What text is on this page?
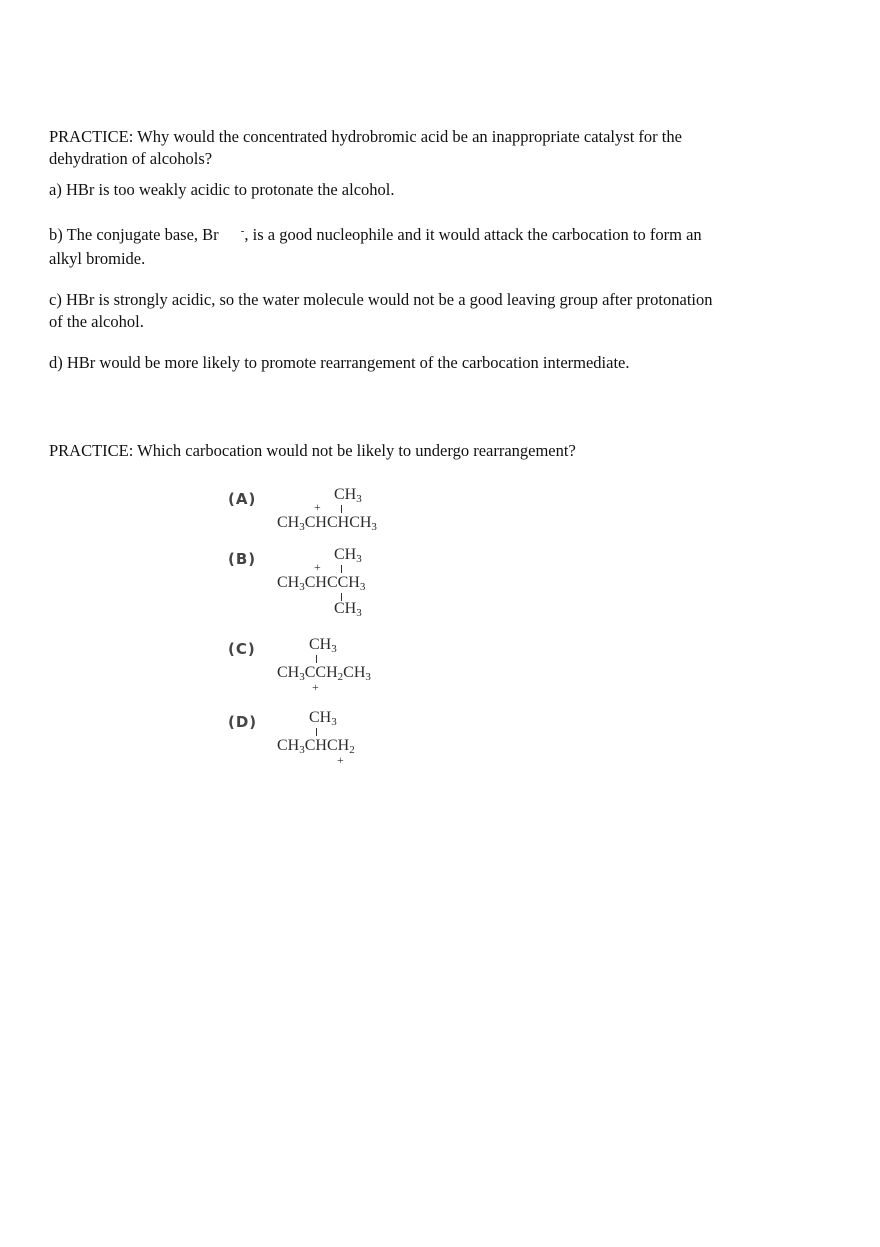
PRACTICE: Why would the concentrated hydrobromic acid be an inappropriate catalyst for the
dehydration of alcohols?
a) HBr is too weakly acidic to protonate the alcohol.
b) The conjugate base, Br -, is a good nucleophile and it would attack the carbocation to form an
alkyl bromide.
c) HBr is strongly acidic, so the water molecule would not be a good leaving group after protonation
of the alcohol.
d) HBr would be more likely to promote rearrangement of the carbocation intermediate.
PRACTICE: Which carbocation would not be likely to undergo rearrangement?
(A)	$CH_3$
+
$CH_3CHCHCH_3$
(B)	$CH_3$
+
$CH_3CHCCH_3$
$CH_3$
(C)	$CH_3$
$CH_3CCH_2CH_3$
+
(D)	$CH_3$
$CH_3CHCH_2$
+
